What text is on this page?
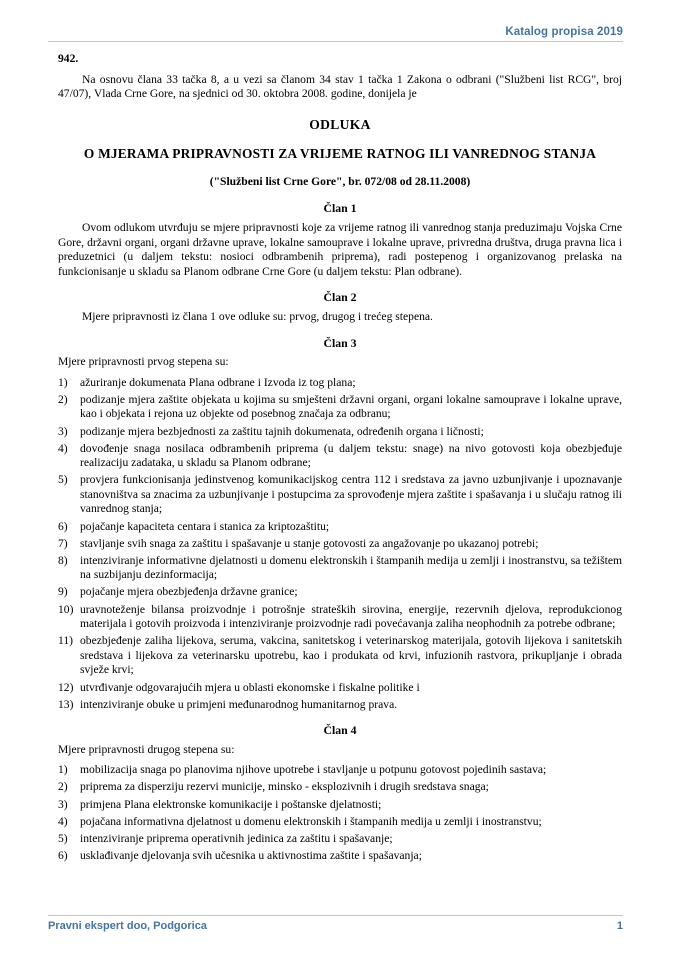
Katalog propisa 2019
942.

Na osnovu člana 33 tačka 8, a u vezi sa članom 34 stav 1 tačka 1 Zakona o odbrani ("Službeni list RCG", broj 47/07), Vlada Crne Gore, na sjednici od 30. oktobra 2008. godine, donijela je

ODLUKA
O MJERAMA PRIPRAVNOSTI ZA VRIJEME RATNOG ILI VANREDNOG STANJA
("Službeni list Crne Gore", br. 072/08 od 28.11.2008)
Član 1

Ovom odlukom utvrđuju se mjere pripravnosti koje za vrijeme ratnog ili vanrednog stanja preduzimaju Vojska Crne Gore, državni organi, organi državne uprave, lokalne samouprave i lokalne uprave, privredna društva, druga pravna lica i preduzetnici (u daljem tekstu: nosioci odbrambenih priprema), radi postepenog i organizovanog prelaska na funkcionisanje u skladu sa Planom odbrane Crne Gore (u daljem tekstu: Plan odbrane).

Član 2

Mjere pripravnosti iz člana 1 ove odluke su: prvog, drugog i trećeg stepena.

Član 3

Mjere pripravnosti prvog stepena su:

1)	ažuriranje dokumenata Plana odbrane i Izvoda iz tog plana;
2)	podizanje mjera zaštite objekata u kojima su smješteni državni organi, organi lokalne samouprave i lokalne uprave, kao i objekata i rejona uz objekte od posebnog značaja za odbranu;
3)	podizanje mjera bezbjednosti za zaštitu tajnih dokumenata, određenih organa i ličnosti;
4)	dovođenje snaga nosilaca odbrambenih priprema (u daljem tekstu: snage) na nivo gotovosti koja obezbjeđuje realizaciju zadataka, u skladu sa Planom odbrane;
5)	provjera funkcionisanja jedinstvenog komunikacijskog centra 112 i sredstava za javno uzbunjivanje i upoznavanje stanovništva sa znacima za uzbunjivanje i postupcima za sprovođenje mjera zaštite i spašavanja i u slučaju ratnog ili vanrednog stanja;
6)	pojačanje kapaciteta centara i stanica za kriptozaštitu;
7)	stavljanje svih snaga za zaštitu i spašavanje u stanje gotovosti za angažovanje po ukazanoj potrebi;
8)	intenziviranje informativne djelatnosti u domenu elektronskih i štampanih medija u zemlji i inostranstvu, sa težištem na suzbijanju dezinformacija;
9)	pojačanje mjera obezbjeđenja državne granice;
10) uravnoteženje bilansa proizvodnje i potrošnje strateških sirovina, energije, rezervnih djelova, reprodukcionog materijala i gotovih proizvoda i intenziviranje proizvodnje radi povećavanja zaliha neophodnih za potrebe odbrane;
11) obezbjeđenje zaliha lijekova, seruma, vakcina, sanitetskog i veterinarskog materijala, gotovih lijekova i sanitetskih sredstava i lijekova za veterinarsku upotrebu, kao i produkata od krvi, infuzionih rastvora, prikupljanje i obrada svježe krvi;
12) utvrđivanje odgovarajućih mjera u oblasti ekonomske i fiskalne politike i
13) intenziviranje obuke u primjeni međunarodnog humanitarnog prava.
Član 4

Mjere pripravnosti drugog stepena su:

1)	mobilizacija snaga po planovima njihove upotrebe i stavljanje u potpunu gotovost pojedinih sastava;
2)	priprema za disperziju rezervi municije, minsko - eksplozivnih i drugih sredstava snaga;
3)	primjena Plana elektronske komunikacije i poštanske djelatnosti;
4)	pojačana informativna djelatnost u domenu elektronskih i štampanih medija u zemlji i inostranstvu;
5)	intenziviranje priprema operativnih jedinica za zaštitu i spašavanje;
6)	usklađivanje djelovanja svih učesnika u aktivnostima zaštite i spašavanja;
Pravni ekspert doo, Podgorica	1
